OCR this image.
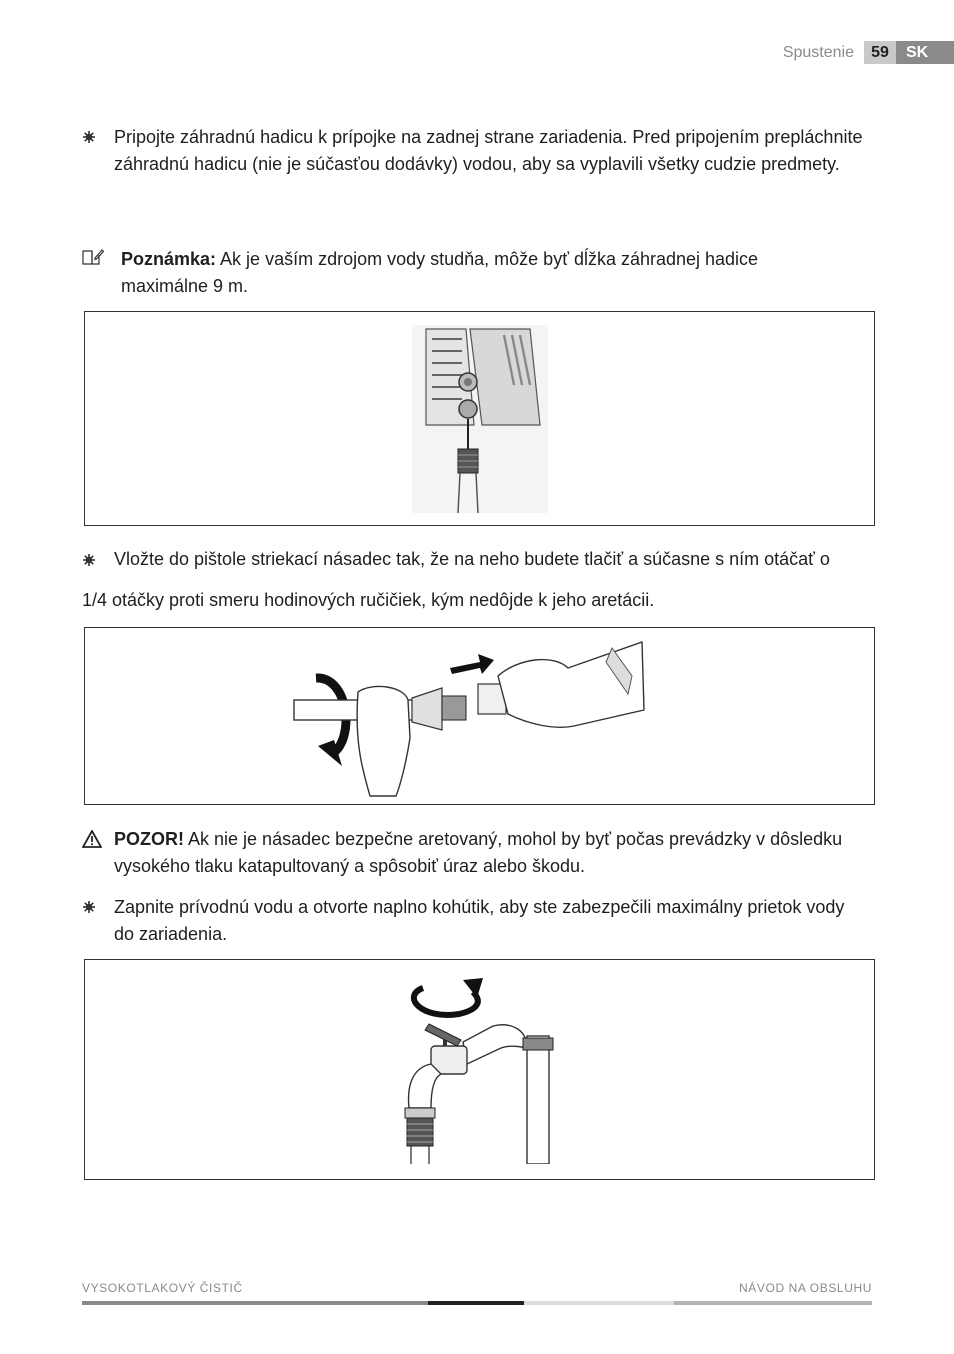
Spustenie	59	SK
Pripojte záhradnú hadicu k prípojke na zadnej strane zariadenia. Pred pripojením prepláchnite záhradnú hadicu (nie je súčasťou dodávky) vodou, aby sa vyplavili všetky cudzie predmety.
Poznámka: Ak je vaším zdrojom vody studňa, môže byť dĺžka záhradnej hadice maximálne 9 m.
Vložte do pištole striekací násadec tak, že na neho budete tlačiť a súčasne s ním otáčať o
1/4 otáčky proti smeru hodinových ručičiek, kým nedôjde k jeho aretácii.
POZOR! Ak nie je násadec bezpečne aretovaný, mohol by byť počas prevádzky v dôsledku vysokého tlaku katapultovaný a spôsobiť úraz alebo škodu.
Zapnite prívodnú vodu a otvorte naplno kohútik, aby ste zabezpečili maximálny prietok vody do zariadenia.
VYSOKOTLAKOVÝ ČISTIČ	NÁVOD NA OBSLUHU
